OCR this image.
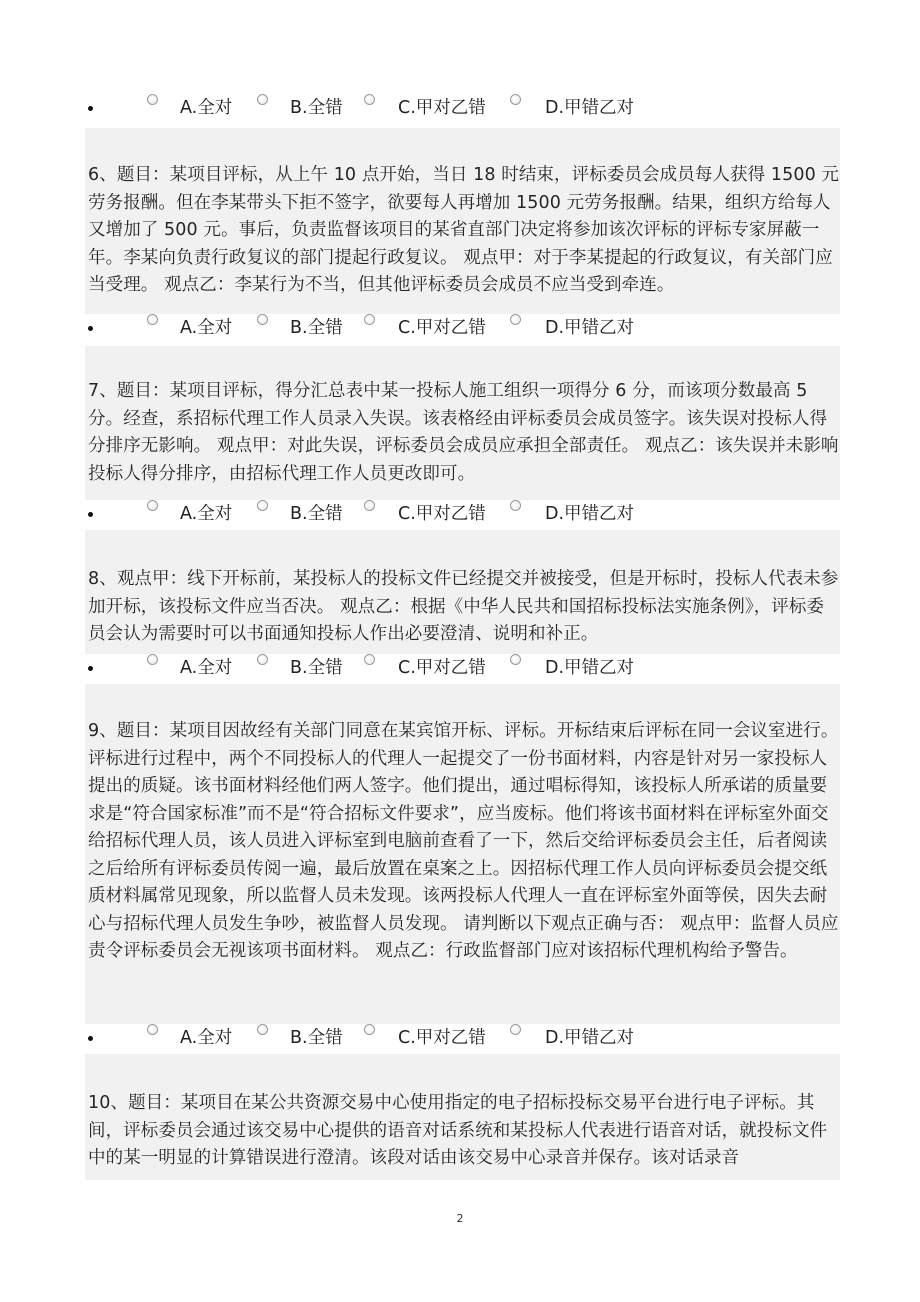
A.全对	B.全错	C.甲对乙错	D.甲错乙对

6、题目：某项目评标，从上午 10 点开始，当日 18 时结束，评标委员会成员每人获得 1500 元劳务报酬。但在李某带头下拒不签字，欲要每人再增加 1500 元劳务报酬。结果，组织方给每人又增加了 500 元。事后，负责监督该项目的某省直部门决定将参加该次评标的评标专家屏蔽一年。李某向负责行政复议的部门提起行政复议。 观点甲：对于李某提起的行政复议，有关部门应当受理。 观点乙：李某行为不当，但其他评标委员会成员不应当受到牵连。

A.全对	B.全错	C.甲对乙错	D.甲错乙对

7、题目：某项目评标，得分汇总表中某一投标人施工组织一项得分 6 分，而该项分数最高 5 分。经查，系招标代理工作人员录入失误。该表格经由评标委员会成员签字。该失误对投标人得分排序无影响。 观点甲：对此失误，评标委员会成员应承担全部责任。 观点乙：该失误并未影响投标人得分排序，由招标代理工作人员更改即可。

A.全对	B.全错	C.甲对乙错	D.甲错乙对

8、观点甲：线下开标前，某投标人的投标文件已经提交并被接受，但是开标时，投标人代表未参加开标，该投标文件应当否决。 观点乙：根据《中华人民共和国招标投标法实施条例》，评标委员会认为需要时可以书面通知投标人作出必要澄清、说明和补正。

A.全对	B.全错	C.甲对乙错	D.甲错乙对

9、题目：某项目因故经有关部门同意在某宾馆开标、评标。开标结束后评标在同一会议室进行。评标进行过程中，两个不同投标人的代理人一起提交了一份书面材料，内容是针对另一家投标人提出的质疑。该书面材料经他们两人签字。他们提出，通过唱标得知，该投标人所承诺的质量要求是“符合国家标准”而不是“符合招标文件要求”，应当废标。他们将该书面材料在评标室外面交给招标代理人员，该人员进入评标室到电脑前查看了一下，然后交给评标委员会主任，后者阅读之后给所有评标委员传阅一遍，最后放置在桌案之上。因招标代理工作人员向评标委员会提交纸质材料属常见现象，所以监督人员未发现。该两投标人代理人一直在评标室外面等侯，因失去耐心与招标代理人员发生争吵，被监督人员发现。 请判断以下观点正确与否： 观点甲：监督人员应责令评标委员会无视该项书面材料。 观点乙：行政监督部门应对该招标代理机构给予警告。

A.全对	B.全错	C.甲对乙错	D.甲错乙对

10、题目：某项目在某公共资源交易中心使用指定的电子招标投标交易平台进行电子评标。其间，评标委员会通过该交易中心提供的语音对话系统和某投标人代表进行语音对话，就投标文件中的某一明显的计算错误进行澄清。该段对话由该交易中心录音并保存。该对话录音

2
